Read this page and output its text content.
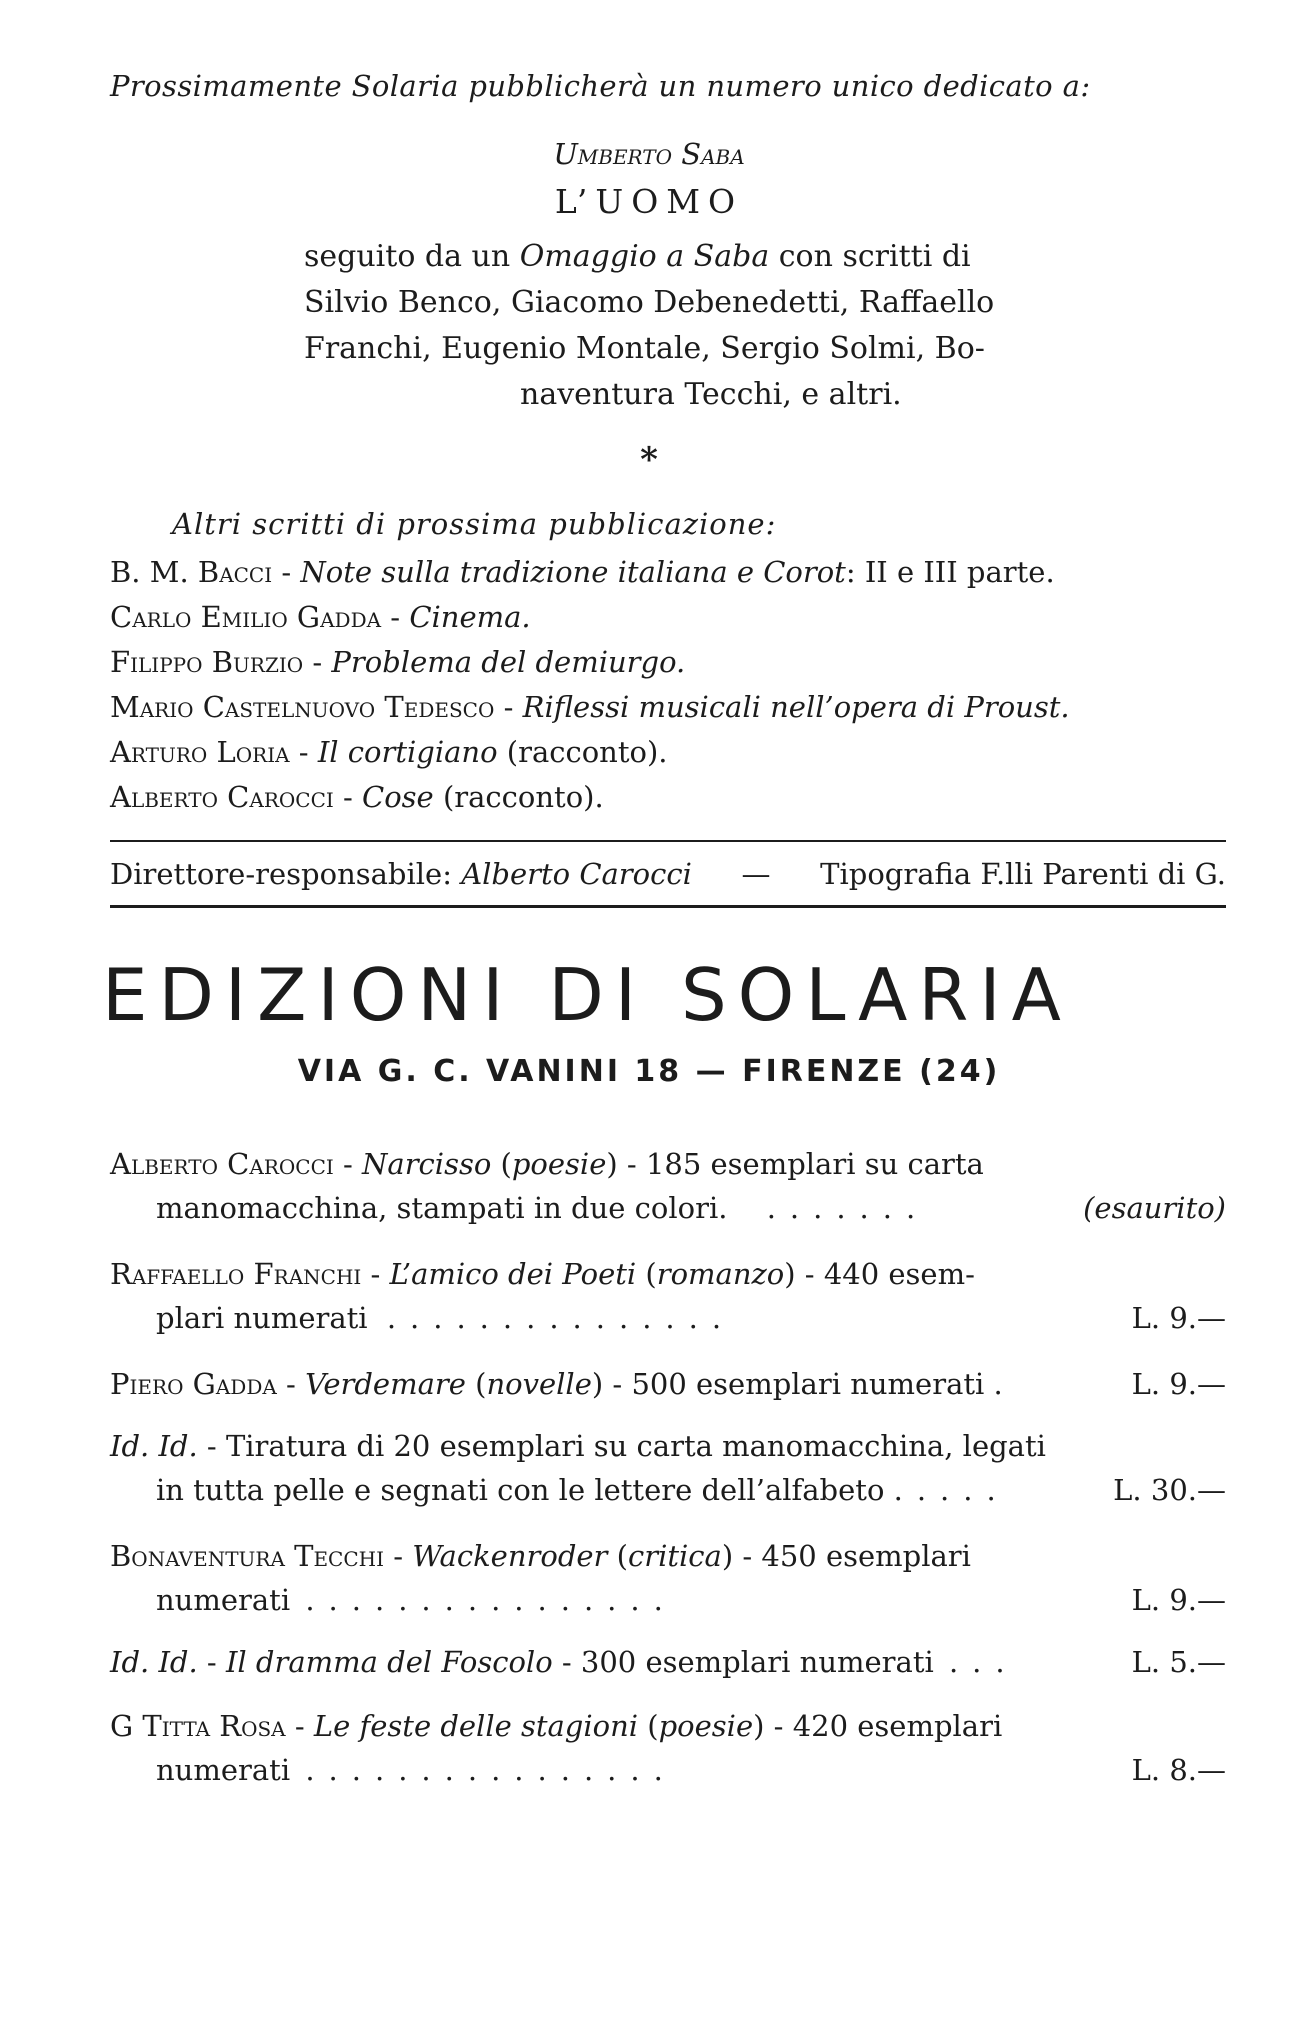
Prossimamente Solaria pubblicherà un numero unico dedicato a:
Umberto Saba
L’UOMO
seguito da un Omaggio a Saba con scritti di
Silvio Benco, Giacomo Debenedetti, Raffaello
Franchi, Eugenio Montale, Sergio Solmi, Bo-
naventura Tecchi, e altri.
*
Altri scritti di prossima pubblicazione:
B. M. Bacci - Note sulla tradizione italiana e Corot: II e III parte.
Carlo Emilio Gadda - Cinema.
Filippo Burzio - Problema del demiurgo.
Mario Castelnuovo Tedesco - Riflessi musicali nell’opera di Proust.
Arturo Loria - Il cortigiano (racconto).
Alberto Carocci - Cose (racconto).
Direttore-responsabile: Alberto Carocci — Tipografia F.lli Parenti di G.
EDIZIONI DI SOLARIA
VIA G. C. VANINI 18 — FIRENZE (24)
Alberto Carocci - Narcisso (poesie) - 185 esemplari su carta
manomacchina, stampati in due colori. .......	(esaurito)
Raffaello Franchi - L’amico dei Poeti (romanzo) - 440 esem-
plari numerati ...............	L. 9.—
Piero Gadda - Verdemare (novelle) - 500 esemplari numerati .	L. 9.—
Id. Id. - Tiratura di 20 esemplari su carta manomacchina, legati
in tutta pelle e segnati con le lettere dell’alfabeto .....	L. 30.—
Bonaventura Tecchi - Wackenroder (critica) - 450 esemplari
numerati ................	L. 9.—
Id. Id. - Il dramma del Foscolo - 300 esemplari numerati ...	L. 5.—
G Titta Rosa - Le feste delle stagioni (poesie) - 420 esemplari
numerati ................	L. 8.—
